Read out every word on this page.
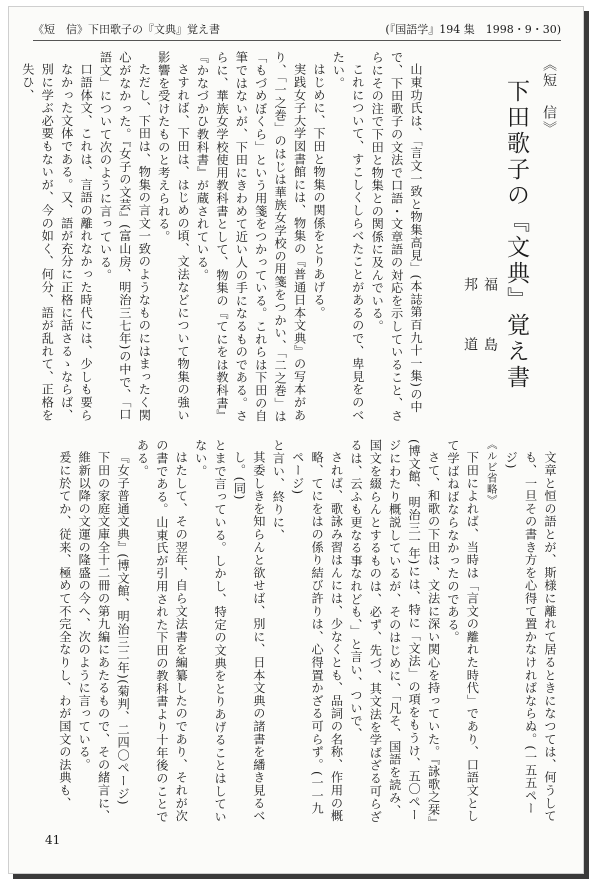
《短　信》下田歌子の『文典』覚え書	(『国語学』194 集　1998・9・30)

《短　信》

下田歌子の『文典』覚え書

福　島　邦　道

山東功氏は、「言文一致と物集高見」(本誌第百九十一集)の中で、下田歌子の文法で口語・文章語の対応を示していること、さらにその注で下田と物集との関係に及んでいる。

これについて、すこしくしらべたことがあるので、卑見をのべたい。

はじめに、下田と物集の関係をとりあげる。

実践女子大学図書館には、物集の『普通日本文典』の写本があり、「一之巻」のはじは華族女学校の用箋をつかい、「二之巻」は「もづめぼくら」という用箋をつかっている。これらは下田の自筆ではないが、下田にきわめて近い人の手になるものである。さらに、華族女学校使用教科書として、物集の『てにをは教科書』『かなづかひ教科書』が蔵されている。

さすれば、下田は、はじめの頃、文法などについて物集の強い影響を受けたものと考えられる。

ただし、下田は、物集の言文一致のようなものにはまったく関心がなかった。『女子の文芸』(富山房、明治三七年)の中で、「口語文」について次のように言っている。

口語体文、これは、言語の離れなかった時代には、少しも要らなかった文体である。又、語が充分に正格に話さるゝならば、別に学ぶ必要もないが、今の如く、何分、語が乱れて、正格を失ひ、

文章と恒の語とが、斯様に離れて居るときになつては、何うしても、一旦その書き方を心得て置かなければならぬ。(一五五ページ)

《ルビ省略》

下田によれば、当時は「言文の離れた時代」であり、口語文として学ばねばならなかったのである。

さて、和歌の下田は、文法に深い関心を持っていた。『詠歌之栞』(博文館、明治三一年)には、特に「文法」の項をもうけ、五〇ページにわたり概説しているが、そのはじめに、「凡そ、国語を読み、国文を綴らんとするものは、必ず、先づ、其文法を学ばざる可らざるは、云ふも更なる事なれども、」と言い、ついで、

されば、歌詠み習はんには、少なくとも、品詞の名称、作用の概略、てにをはの係り結び許りは、心得置かざる可らず。(一一九ページ)

と言い、終りに、

其委しきを知らんと欲せば、別に、日本文典の諸書を繙き見るべし。(同)

とまで言っている。しかし、特定の文典をとりあげることはしていない。

はたして、その翌年、自ら文法書を編纂したのであり、それが次の書である。山東氏が引用された下田の教科書より十年後のことである。

『女子普通文典』(博文館、明治三二年)(菊判、二四〇ページ)

下田の家庭文庫全十二冊の第九編にあたるもので、その緒言に、

維新以降の文運の隆盛の今へ、次のように言っている。

爰に於てか、従来、極めて不完全なりし、わが国文の法典も、

41
